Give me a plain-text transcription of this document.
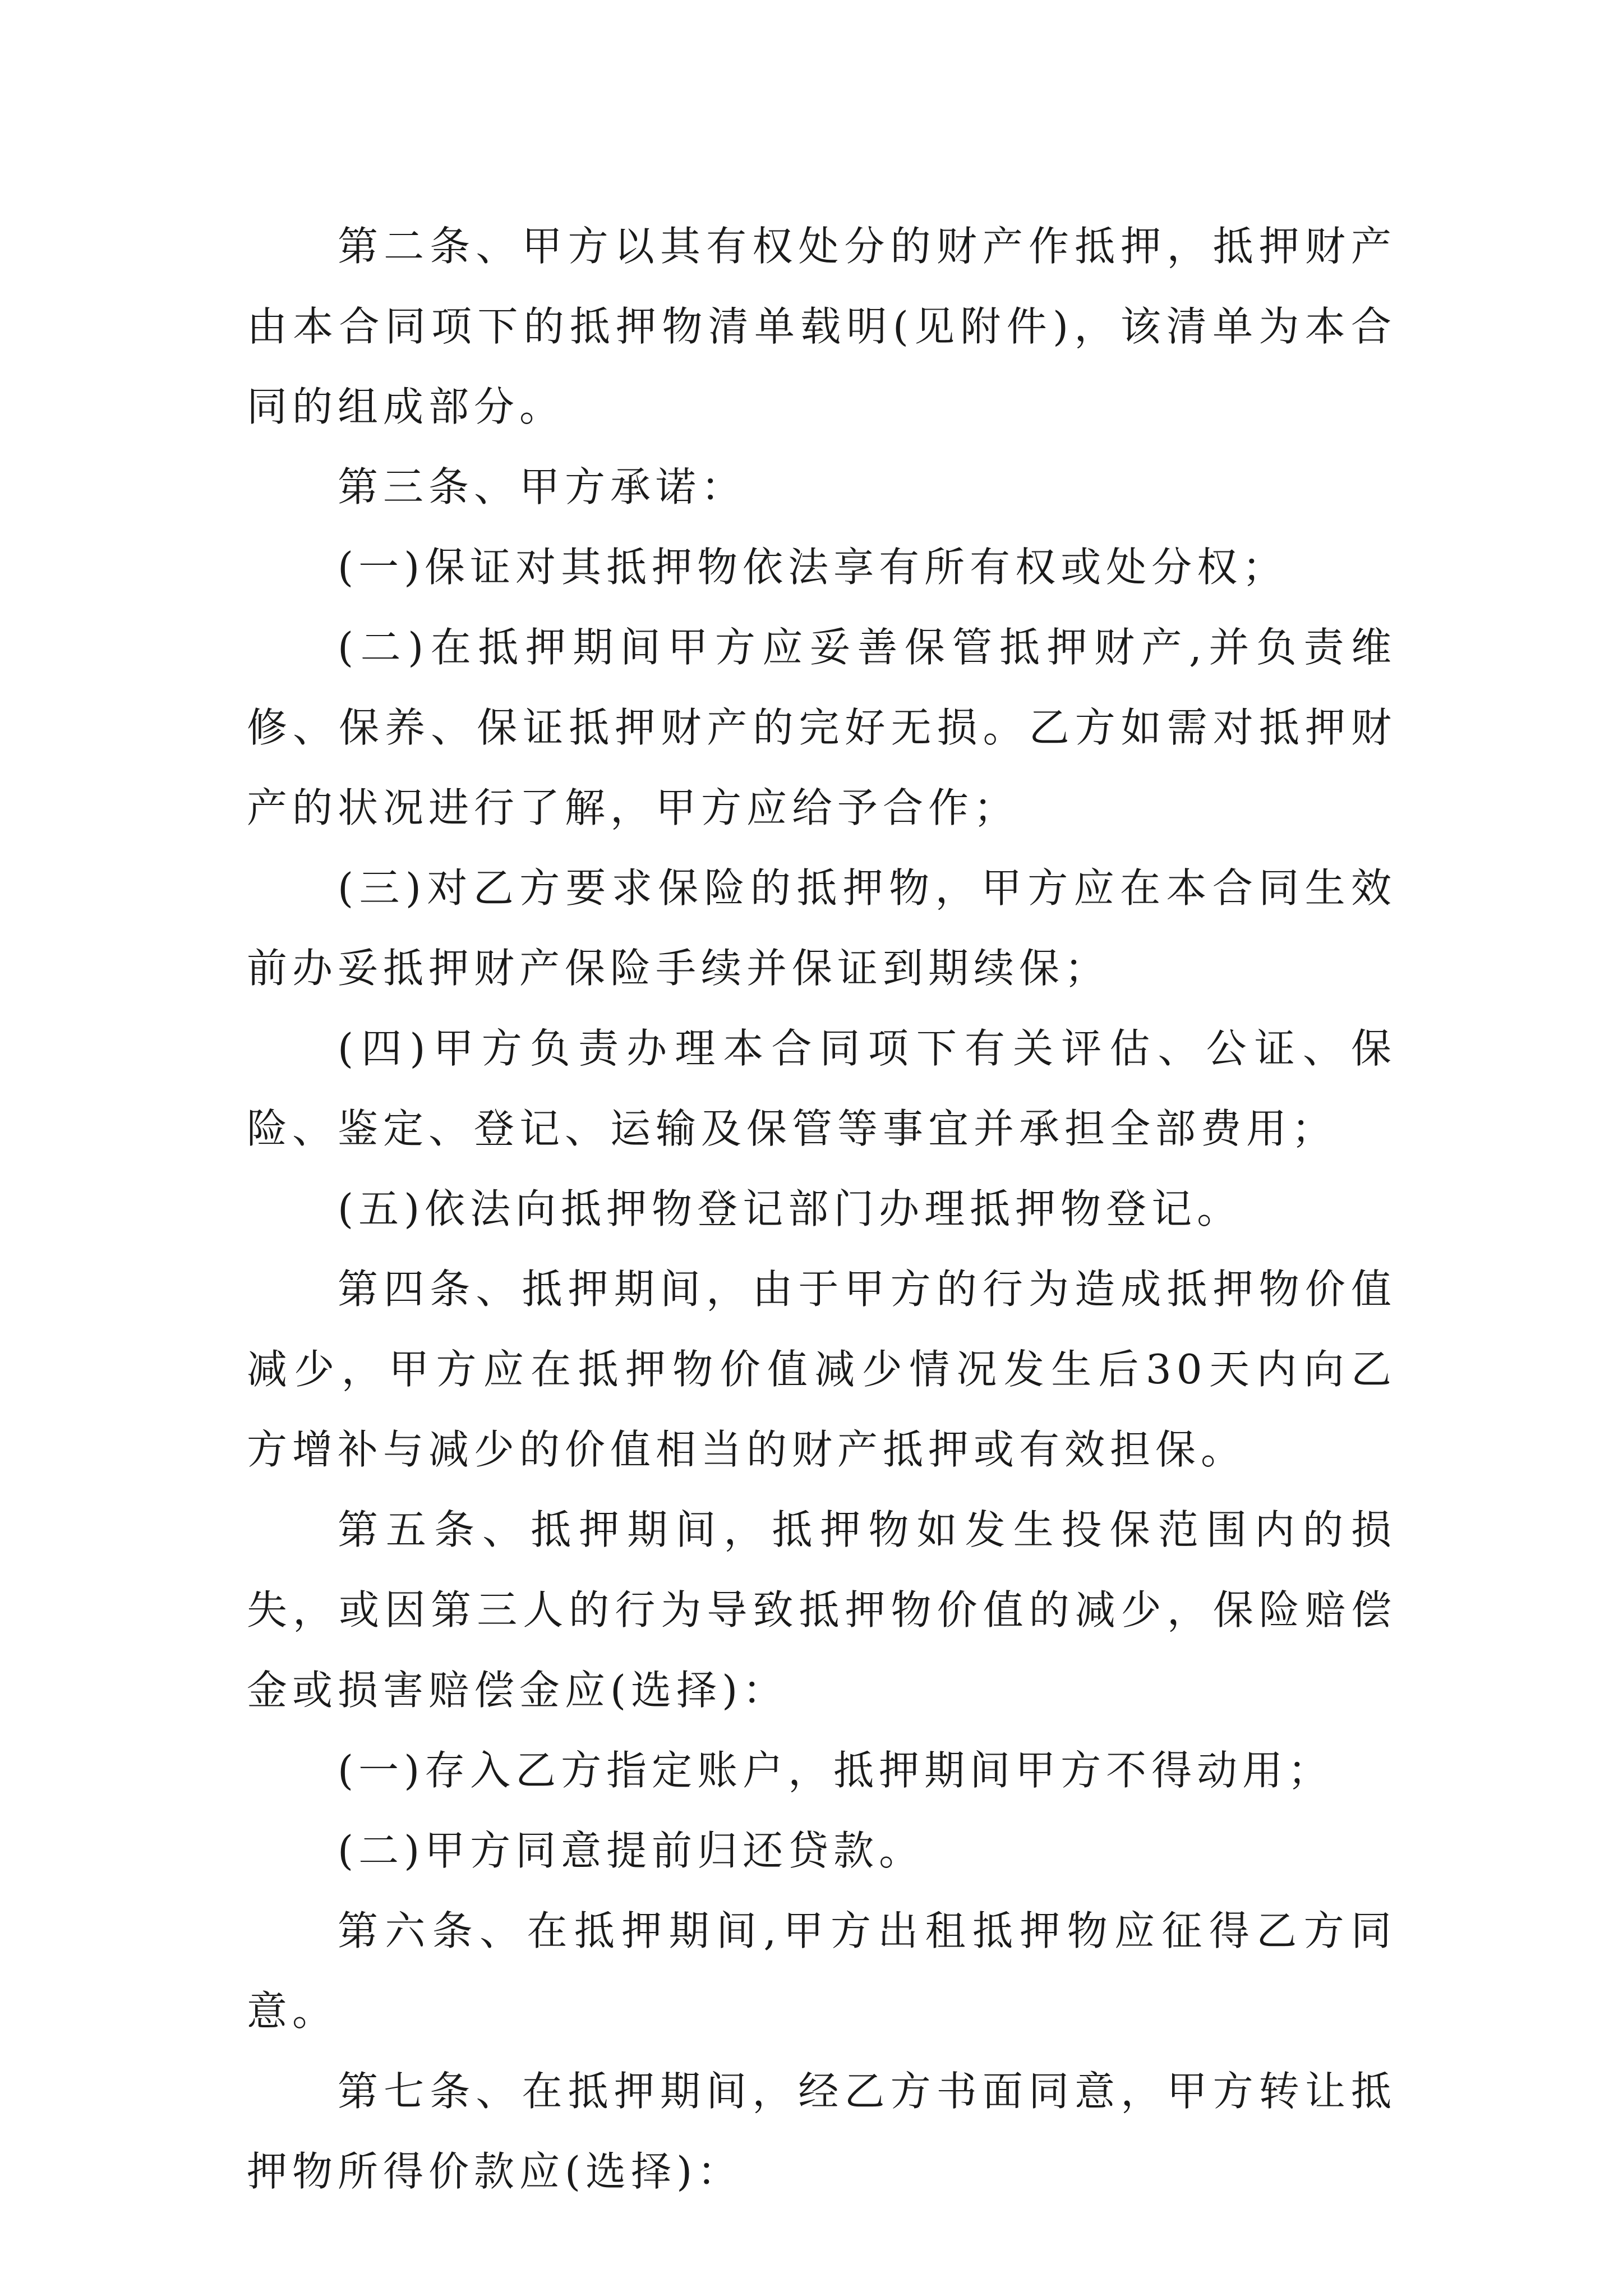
第二条、甲方以其有权处分的财产作抵押，抵押财产由本合同项下的抵押物清单载明(见附件)，该清单为本合同的组成部分。

第三条、甲方承诺：

(一)保证对其抵押物依法享有所有权或处分权；

(二)在抵押期间甲方应妥善保管抵押财产,并负责维修、保养、保证抵押财产的完好无损。乙方如需对抵押财产的状况进行了解，甲方应给予合作；

(三)对乙方要求保险的抵押物，甲方应在本合同生效前办妥抵押财产保险手续并保证到期续保；

(四)甲方负责办理本合同项下有关评估、公证、保险、鉴定、登记、运输及保管等事宜并承担全部费用；

(五)依法向抵押物登记部门办理抵押物登记。

第四条、抵押期间，由于甲方的行为造成抵押物价值减少，甲方应在抵押物价值减少情况发生后30天内向乙方增补与减少的价值相当的财产抵押或有效担保。

第五条、抵押期间，抵押物如发生投保范围内的损失，或因第三人的行为导致抵押物价值的减少，保险赔偿金或损害赔偿金应(选择)：

(一)存入乙方指定账户，抵押期间甲方不得动用；

(二)甲方同意提前归还贷款。

第六条、在抵押期间,甲方出租抵押物应征得乙方同意。

第七条、在抵押期间，经乙方书面同意，甲方转让抵押物所得价款应(选择)：
